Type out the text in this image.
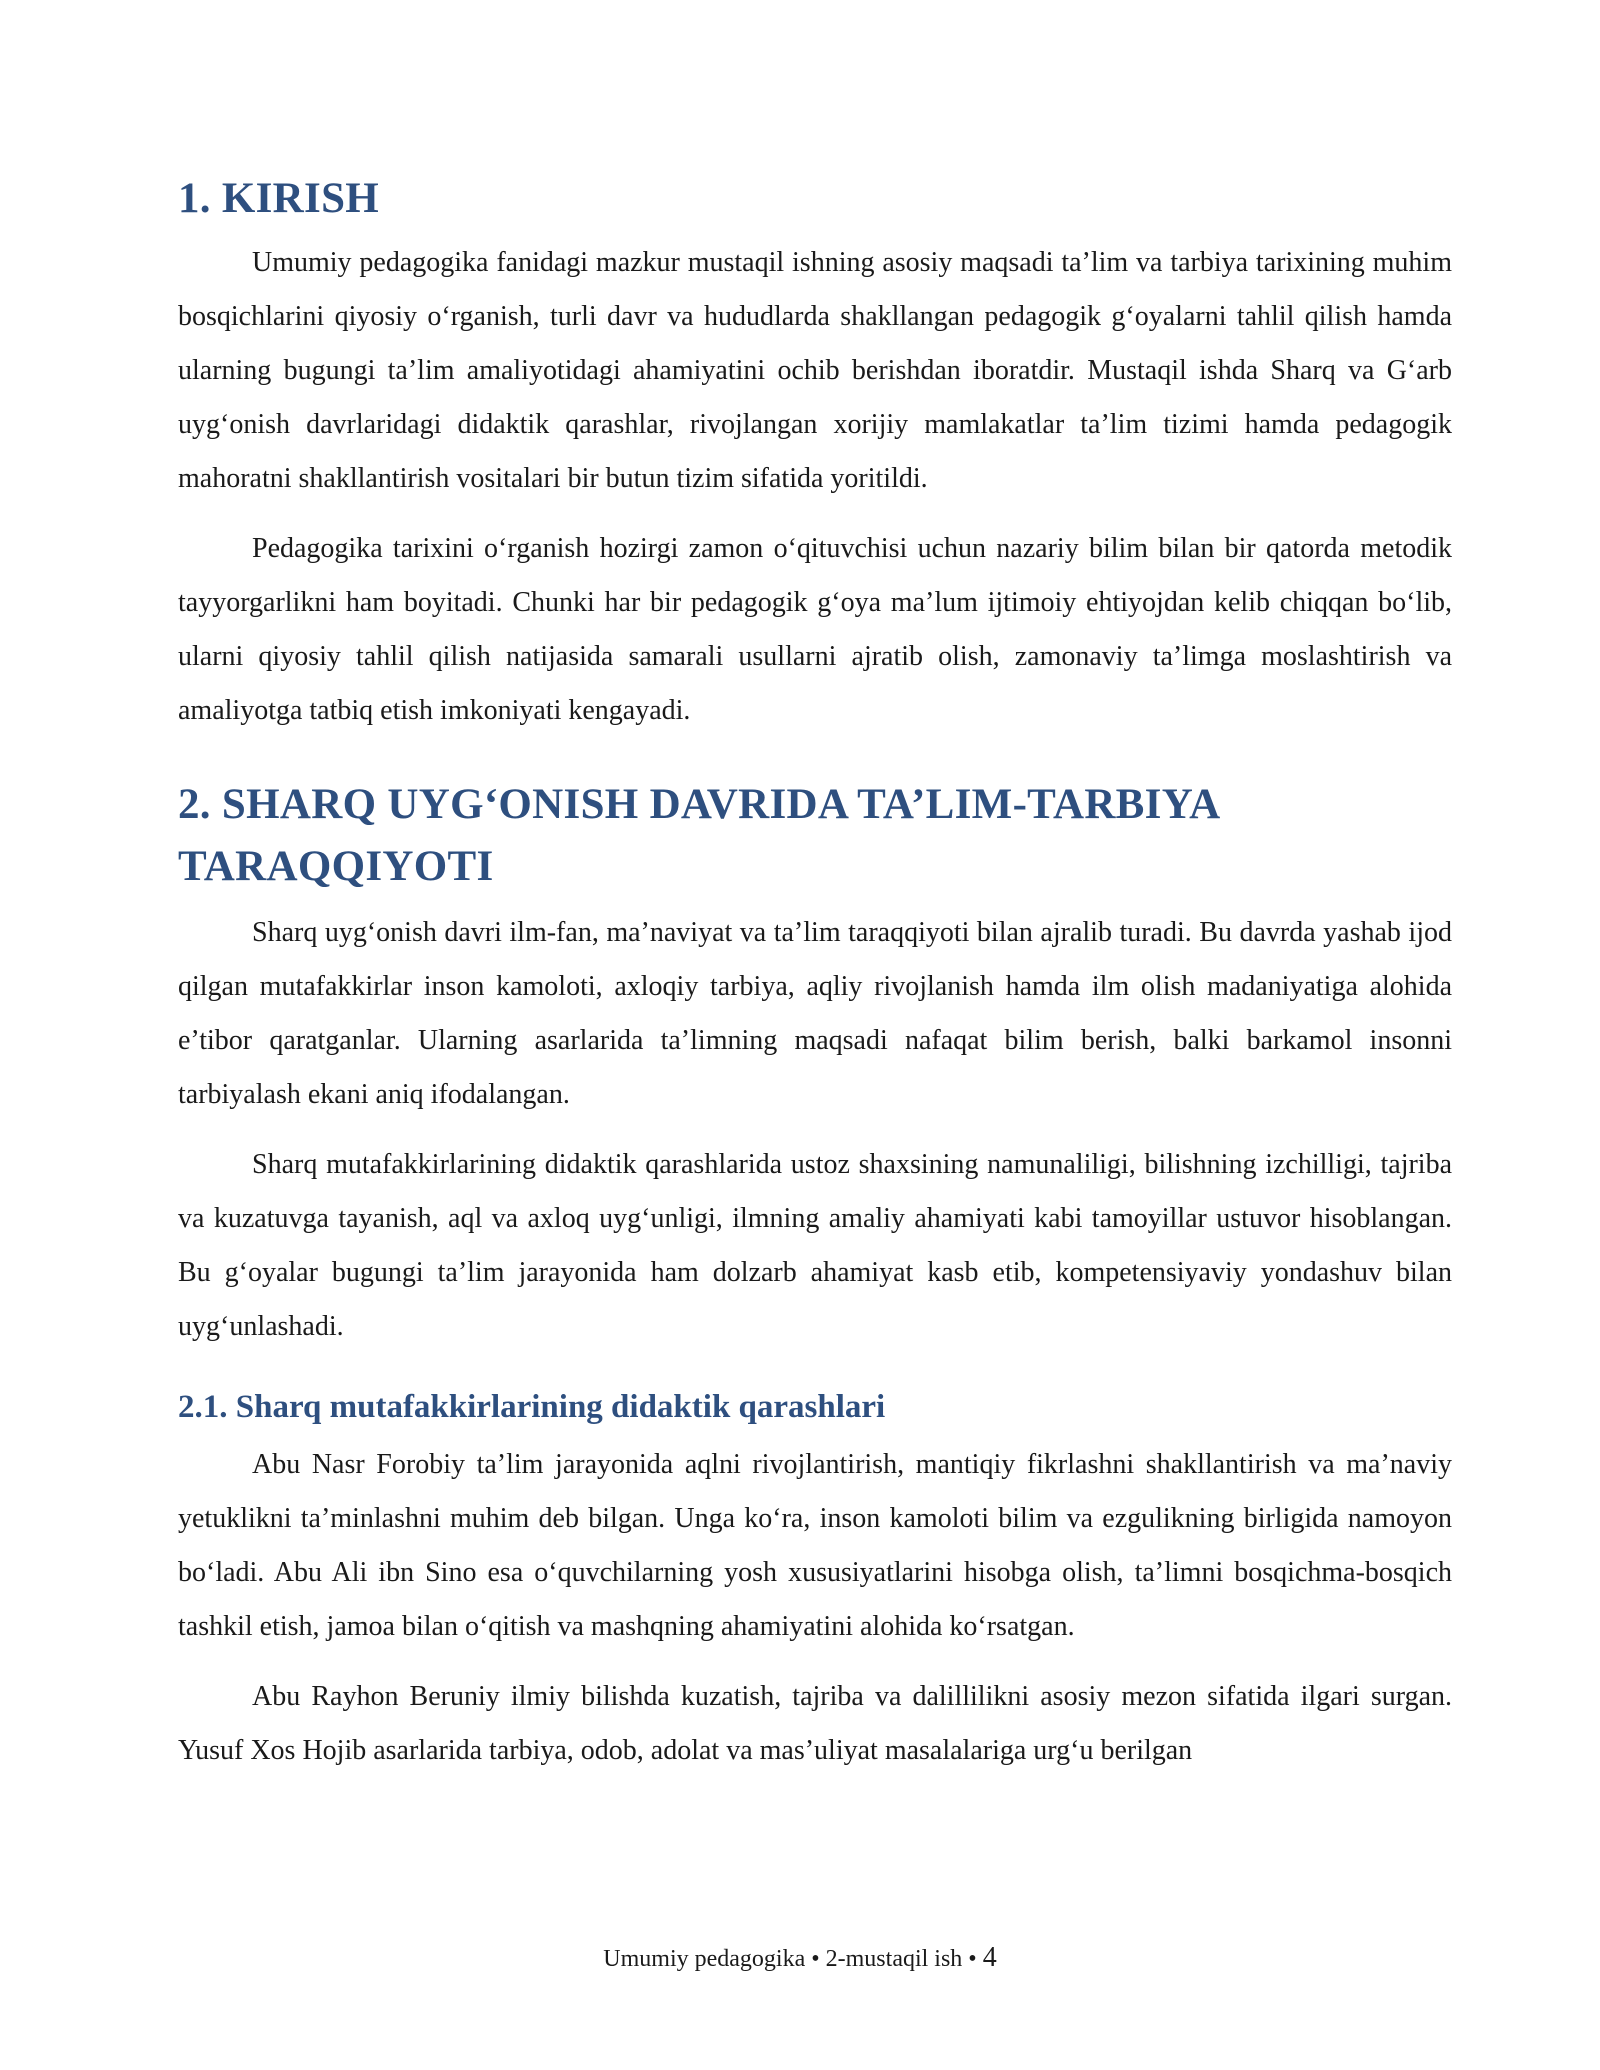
1. KIRISH

Umumiy pedagogika fanidagi mazkur mustaqil ishning asosiy maqsadi ta’lim va tarbiya tarixining muhim bosqichlarini qiyosiy o‘rganish, turli davr va hududlarda shakllangan pedagogik g‘oyalarni tahlil qilish hamda ularning bugungi ta’lim amaliyotidagi ahamiyatini ochib berishdan iboratdir. Mustaqil ishda Sharq va G‘arb uyg‘onish davrlaridagi didaktik qarashlar, rivojlangan xorijiy mamlakatlar ta’lim tizimi hamda pedagogik mahoratni shakllantirish vositalari bir butun tizim sifatida yoritildi.

Pedagogika tarixini o‘rganish hozirgi zamon o‘qituvchisi uchun nazariy bilim bilan bir qatorda metodik tayyorgarlikni ham boyitadi. Chunki har bir pedagogik g‘oya ma’lum ijtimoiy ehtiyojdan kelib chiqqan bo‘lib, ularni qiyosiy tahlil qilish natijasida samarali usullarni ajratib olish, zamonaviy ta’limga moslashtirish va amaliyotga tatbiq etish imkoniyati kengayadi.

2. SHARQ UYG‘ONISH DAVRIDA TA’LIM-TARBIYA TARAQQIYOTI

Sharq uyg‘onish davri ilm-fan, ma’naviyat va ta’lim taraqqiyoti bilan ajralib turadi. Bu davrda yashab ijod qilgan mutafakkirlar inson kamoloti, axloqiy tarbiya, aqliy rivojlanish hamda ilm olish madaniyatiga alohida e’tibor qaratganlar. Ularning asarlarida ta’limning maqsadi nafaqat bilim berish, balki barkamol insonni tarbiyalash ekani aniq ifodalangan.

Sharq mutafakkirlarining didaktik qarashlarida ustoz shaxsining namunaliligi, bilishning izchilligi, tajriba va kuzatuvga tayanish, aql va axloq uyg‘unligi, ilmning amaliy ahamiyati kabi tamoyillar ustuvor hisoblangan. Bu g‘oyalar bugungi ta’lim jarayonida ham dolzarb ahamiyat kasb etib, kompetensiyaviy yondashuv bilan uyg‘unlashadi.

2.1. Sharq mutafakkirlarining didaktik qarashlari

Abu Nasr Forobiy ta’lim jarayonida aqlni rivojlantirish, mantiqiy fikrlashni shakllantirish va ma’naviy yetuklikni ta’minlashni muhim deb bilgan. Unga ko‘ra, inson kamoloti bilim va ezgulikning birligida namoyon bo‘ladi. Abu Ali ibn Sino esa o‘quvchilarning yosh xususiyatlarini hisobga olish, ta’limni bosqichma-bosqich tashkil etish, jamoa bilan o‘qitish va mashqning ahamiyatini alohida ko‘rsatgan.

Abu Rayhon Beruniy ilmiy bilishda kuzatish, tajriba va dalillilikni asosiy mezon sifatida ilgari surgan. Yusuf Xos Hojib asarlarida tarbiya, odob, adolat va mas’uliyat masalalariga urg‘u berilgan

Umumiy pedagogika • 2-mustaqil ish • 4
